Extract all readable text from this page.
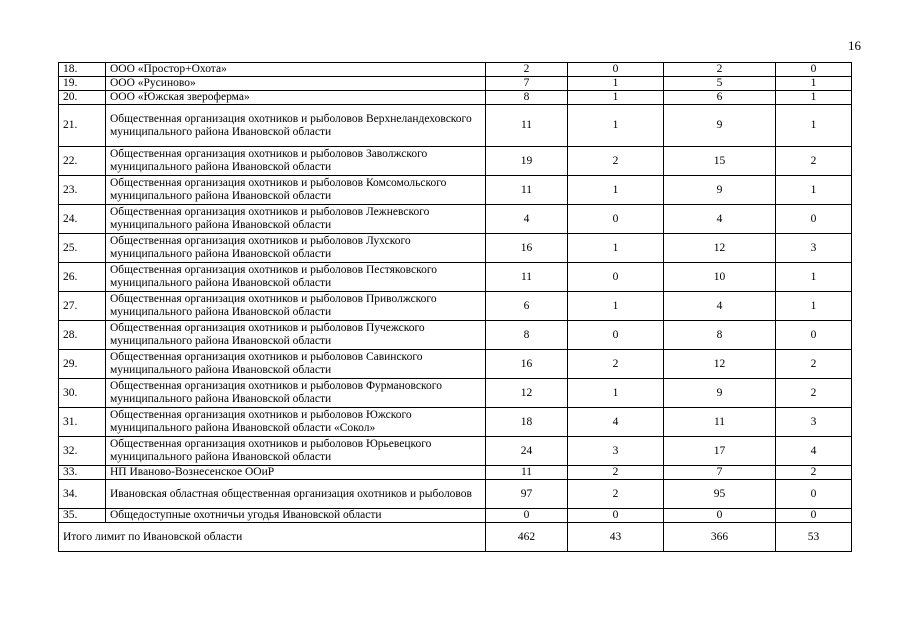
16
18.	ООО «Простор+Охота»	2	0	2	0
19.	ООО «Русиново»	7	1	5	1
20.	ООО «Южская звероферма»	8	1	6	1
21.	Общественная организация охотников и рыболовов Верхнеландеховского муниципального района Ивановской области	11	1	9	1
22.	Общественная организация охотников и рыболовов Заволжского муниципального района Ивановской области	19	2	15	2
23.	Общественная организация охотников и рыболовов Комсомольского муниципального района Ивановской области	11	1	9	1
24.	Общественная организация охотников и рыболовов Лежневского муниципального района Ивановской области	4	0	4	0
25.	Общественная организация охотников и рыболовов Лухского муниципального района Ивановской области	16	1	12	3
26.	Общественная организация охотников и рыболовов Пестяковского муниципального района Ивановской области	11	0	10	1
27.	Общественная организация охотников и рыболовов Приволжского муниципального района Ивановской области	6	1	4	1
28.	Общественная организация охотников и рыболовов Пучежского муниципального района Ивановской области	8	0	8	0
29.	Общественная организация охотников и рыболовов Савинского муниципального района Ивановской области	16	2	12	2
30.	Общественная организация охотников и рыболовов Фурмановского муниципального района Ивановской области	12	1	9	2
31.	Общественная организация охотников и рыболовов Южского муниципального района Ивановской области «Сокол»	18	4	11	3
32.	Общественная организация охотников и рыболовов Юрьевецкого муниципального района Ивановской области	24	3	17	4
33.	НП Иваново-Вознесенское ООиР	11	2	7	2
34.	Ивановская областная общественная организация охотников и рыболовов	97	2	95	0
35.	Общедоступные охотничьи угодья Ивановской области	0	0	0	0
Итого лимит по Ивановской области		462	43	366	53
